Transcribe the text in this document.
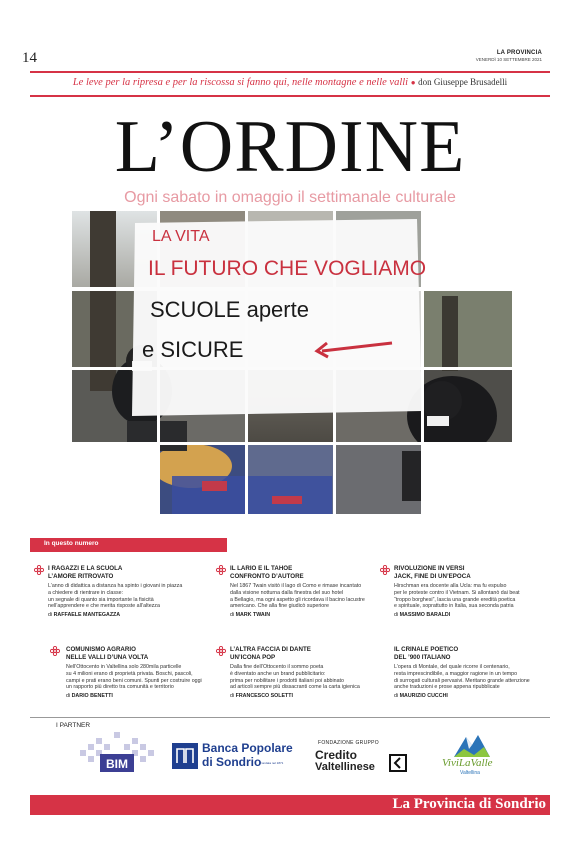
14	LA PROVINCIA
VENERDÌ 10 SETTEMBRE 2021
Le leve per la ripresa e per la riscossa si fanno qui, nelle montagne e nelle valli ● don Giuseppe Brusadelli
L’ORDINE
Ogni sabato in omaggio il settimanale culturale
LA VITA
IL FUTURO CHE VOGLIAMO
SCUOLE aperte
e SICURE
In questo numero
I RAGAZZI E LA SCUOLA
L’AMORE RITROVATO
L’anno di didattica a distanza ha spinto i giovani in piazza
a chiedere di rientrare in classe:
un segnale di quanto sia importante la fisicità
nell’apprendere e che merita risposte all’altezza
di RAFFAELE MANTEGAZZA
IL LARIO E IL TAHOE
CONFRONTO D’AUTORE
Nel 1867 Twain visitò il lago di Como e rimase incantato
dalla visione notturna dalla finestra del suo hotel
a Bellagio, ma ogni aspetto gli ricordava il bacino lacustre
americano. Che alla fine giudicò superiore
di MARK TWAIN
RIVOLUZIONE IN VERSI
JACK, FINE DI UN’EPOCA
Hirschman era docente alla Ucla: ma fu espulso
per le proteste contro il Vietnam. Si allontanò dai beat
“troppo borghesi”, lascia una grande eredità poetica
e spirituale, soprattutto in Italia, sua seconda patria
di MASSIMO BARALDI
COMUNISMO AGRARIO
NELLE VALLI D’UNA VOLTA
Nell’Ottocento in Valtellina solo 280mila particelle
su 4 milioni erano di proprietà privata. Boschi, pascoli,
campi e prati erano beni comuni. Spunti per costruire oggi
un rapporto più diretto tra comunità e territorio
di DARIO BENETTI
L’ALTRA FACCIA DI DANTE
UN’ICONA POP
Dalla fine dell’Ottocento il sommo poeta
è diventato anche un brand pubblicitario:
prima per nobilitare i prodotti italiani poi abbinato
ad articoli sempre più dissacranti come la carta igienica
di FRANCESCO SOLETTI
IL CRINALE POETICO
DEL ’900 ITALIANO
L’opera di Montale, del quale ricorre il centenario,
resta imprescindibile, a maggior ragione in un tempo
di surrogati culturali pervasivi. Meritano grande attenzione
anche traduzioni e prose appena ripubblicate
di MAURIZIO CUCCHI
I PARTNER
BIM
Banca Popolare
di Sondrio
Fondata nel 1871
FONDAZIONE GRUPPO
Credito
Valtellinese	ViviLaValle
Valtellina
La Provincia di Sondrio
